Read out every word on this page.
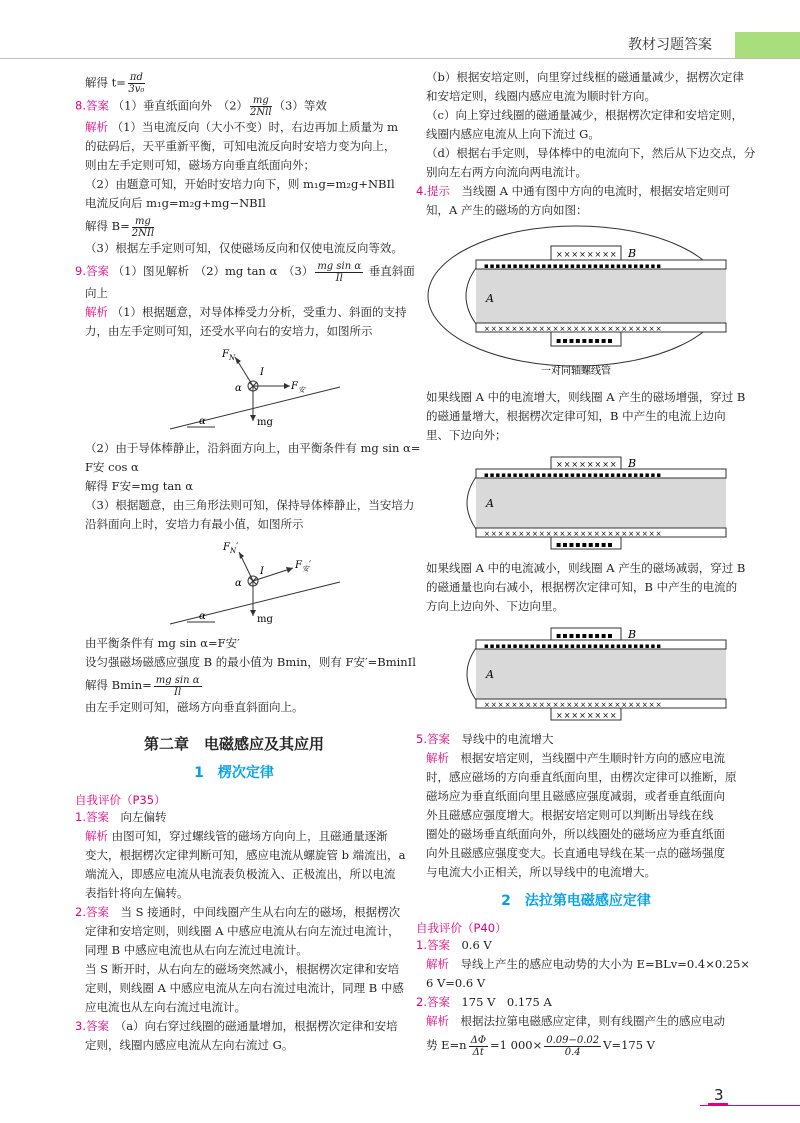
教材习题答案
解得 $t= \frac{\pi d}{\text{3v₀}}$
8.答案 （1）垂直纸面向外　$(2) \frac{mg}{\text{2Nll}} (3)$等效
解析 （1）当电流反向（大小不变）时，右边再加上质量为 m
的砝码后，天平重新平衡，可知电流反向时安培力变为向上，
则由左手定则可知，磁场方向垂直纸面向外；
（2）由题意可知，开始时安培力向下，则 m₁g=m₂g+NBIl
电流反向后 m₁g=m₂g+mg−NBIl
解得 $B= \frac{mg}{\text{2NIl}}$
（3）根据左手定则可知，仅使磁场反向和仅使电流反向等效。
9.答案 （1）图见解析　（2）mg tan α　$(3) \frac{\text{mg sin α}}{Il}$ 垂直斜面
向上
解析 （1）根据题意，对导体棒受力分析，受重力、斜面的支持
力，由左手定则可知，还受水平向右的安培力，如图所示
α
$F_N$
I
α	$F_安$
mg
（2）由于导体棒静止，沿斜面方向上，由平衡条件有 mg sin α=
F安 cos α
解得 F安=mg tan α
（3）根据题意，由三角形法则可知，保持导体棒静止，当安培力
沿斜面向上时，安培力有最小值，如图所示
α
$F_N'$
I
α
$F_安'$
mg
由平衡条件有 mg sin α=F安′
设匀强磁场磁感应强度 B 的最小值为 Bmin，则有 F安′=BminIl
解得 $Bmin= \frac{\text{mg sin α}}{Il}$
由左手定则可知，磁场方向垂直斜面向上。
第二章　电磁感应及其应用
1　楞次定律
自我评价（P35）
1.答案　 向左偏转
解析 由图可知，穿过螺线管的磁场方向向上，且磁通量逐渐
变大，根据楞次定律判断可知，感应电流从螺旋管 b 端流出，a
端流入，即感应电流从电流表负极流入、正极流出，所以电流
表指针将向左偏转。
2.答案　 当 S 接通时，中间线圈产生从右向左的磁场，根据楞次
定律和安培定则，则线圈 A 中感应电流从右向左流过电流计，
同理 B 中感应电流也从右向左流过电流计。
当 S 断开时，从右向左的磁场突然减小，根据楞次定律和安培
定则，则线圈 A 中感应电流从左向右流过电流计，同理 B 中感
应电流也从左向右流过电流计。
3.答案　 （a）向右穿过线圈的磁通量增加，根据楞次定律和安培
定则，线圈内感应电流从左向右流过 G。
（b）根据安培定则，向里穿过线框的磁通量减少，据楞次定律
和安培定则，线圈内感应电流为顺时针方向。
（c）向上穿过线圈的磁通量减少，根据楞次定律和安培定则，
线圈内感应电流从上向下流过 G。
（d）根据右手定则，导体棒中的电流向下，然后从下边交点，分
别向左右两方向流向两电流计。
4.提示　 当线圈 A 中通有图中方向的电流时，根据安培定则可
知，A 产生的磁场的方向如图：
▪▪▪▪▪▪▪▪▪▪▪▪▪▪▪▪▪▪▪▪▪▪▪▪▪▪▪▪▪▪▪
××××××××××××××××××××××××××
××××××××
▪▪▪▪▪▪▪▪▪
B
A
一对同轴螺线管
如果线圈 A 中的电流增大，则线圈 A 产生的磁场增强，穿过 B
的磁通量增大，根据楞次定律可知，B 中产生的电流上边向
里、下边向外；
▪▪▪▪▪▪▪▪▪▪▪▪▪▪▪▪▪▪▪▪▪▪▪▪▪▪▪▪▪▪▪
××××××××××××××××××××××××××
××××××××
▪▪▪▪▪▪▪▪▪
B
A
如果线圈 A 中的电流减小，则线圈 A 产生的磁场减弱，穿过 B
的磁通量也向右减小，根据楞次定律可知，B 中产生的电流的
方向上边向外、下边向里。
▪▪▪▪▪▪▪▪▪▪▪▪▪▪▪▪▪▪▪▪▪▪▪▪▪▪▪▪▪▪▪
××××××××××××××××××××××××××
▪▪▪▪▪▪▪▪▪
××××××××
B
A
5.答案　 导线中的电流增大
解析　 根据安培定则，当线圈中产生顺时针方向的感应电流
时，感应磁场的方向垂直纸面向里，由楞次定律可以推断，原
磁场应为垂直纸面向里且磁感应强度减弱，或者垂直纸面向
外且磁感应强度增大。根据安培定则可以判断出导线在线
圈处的磁场垂直纸面向外，所以线圈处的磁场应为垂直纸面
向外且磁感应强度变大。长直通电导线在某一点的磁场强度
与电流大小正相关，所以导线中的电流增大。
2　法拉第电磁感应定律
自我评价（P40）
1.答案　 0.6 V
解析　 导线上产生的感应电动势的大小为 E=BLv=0.4×0.25×
6 V=0.6 V
2.答案　 175 V　0.175 A
解析　 根据法拉第电磁感应定律，则有线圈产生的感应电动
势 $E=n \frac{\Delta\Phi}{\Delta t} =1$ $000\times \frac{0.09-0.02}{0.4} V=175$ V
3
